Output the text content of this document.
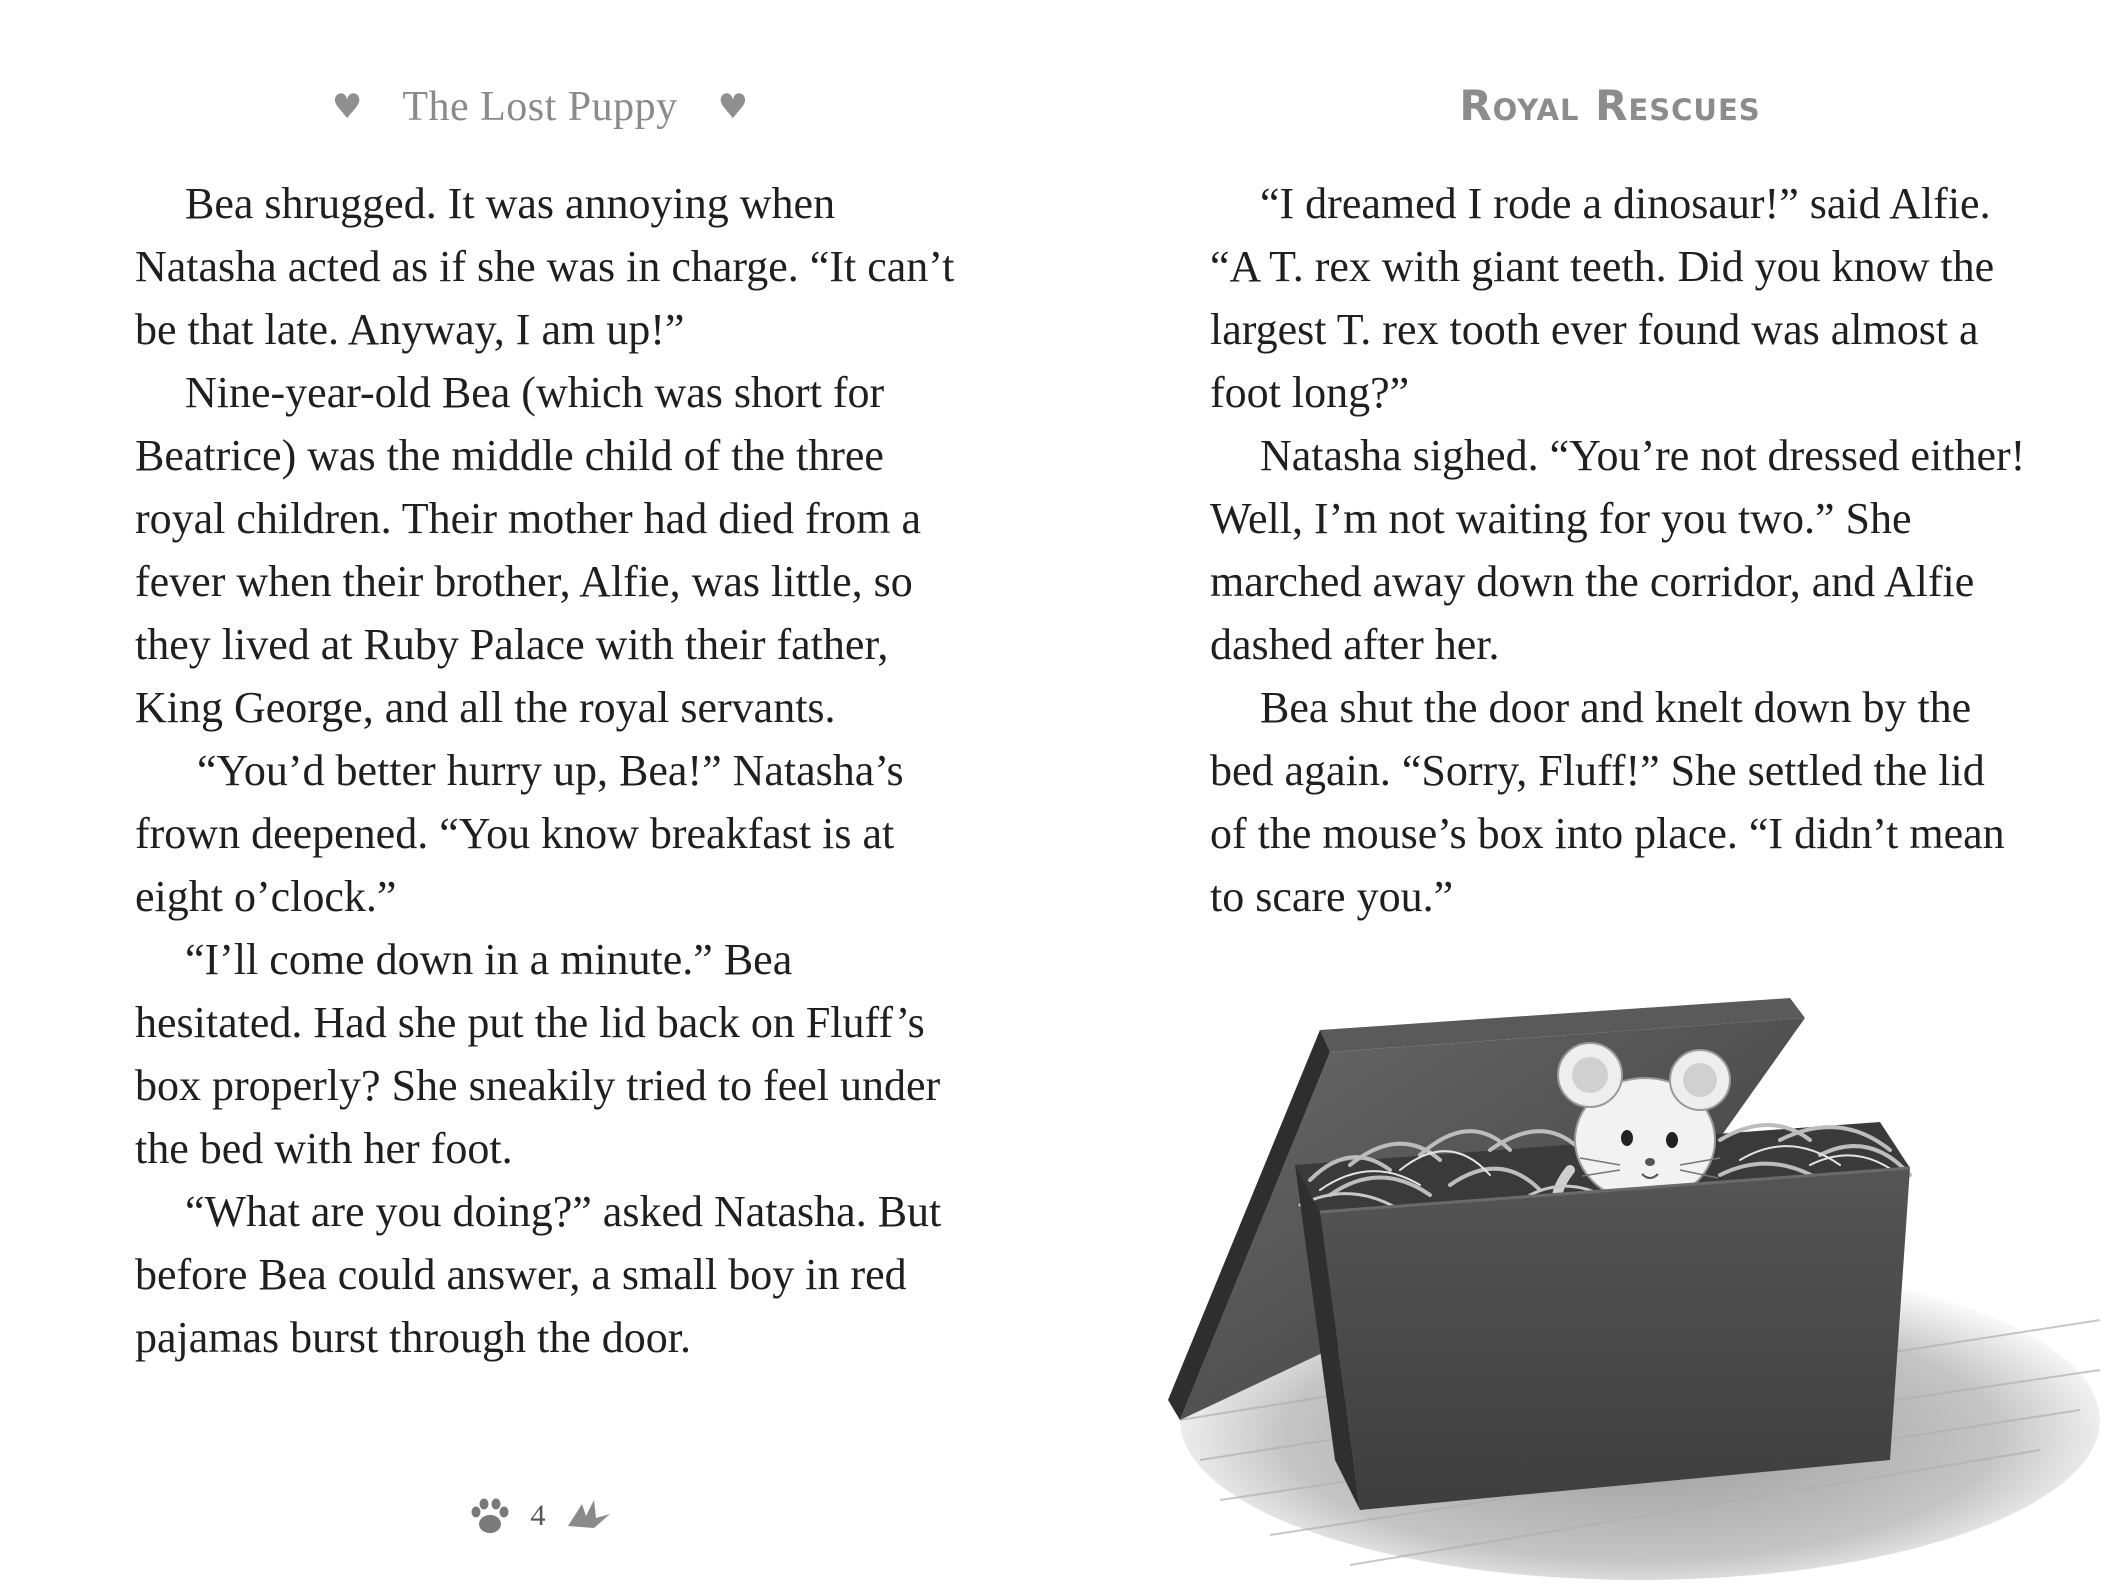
♥ The Lost Puppy ♥	Royal Rescues

Bea shrugged. It was annoying when Natasha acted as if she was in charge. “It can’t be that late. Anyway, I am up!”

Nine-year-old Bea (which was short for Beatrice) was the middle child of the three royal children. Their mother had died from a fever when their brother, Alfie, was little, so they lived at Ruby Palace with their father, King George, and all the royal servants.

“You’d better hurry up, Bea!” Natasha’s frown deepened. “You know breakfast is at eight o’clock.”

“I’ll come down in a minute.” Bea hesitated. Had she put the lid back on Fluff’s box properly? She sneakily tried to feel under the bed with her foot.

“What are you doing?” asked Natasha. But before Bea could answer, a small boy in red pajamas burst through the door.

“I dreamed I rode a dinosaur!” said Alfie. “A T. rex with giant teeth. Did you know the largest T. rex tooth ever found was almost a foot long?”

Natasha sighed. “You’re not dressed either! Well, I’m not waiting for you two.” She marched away down the corridor, and Alfie dashed after her.

Bea shut the door and knelt down by the bed again. “Sorry, Fluff!” She settled the lid of the mouse’s box into place. “I didn’t mean to scare you.”

4
